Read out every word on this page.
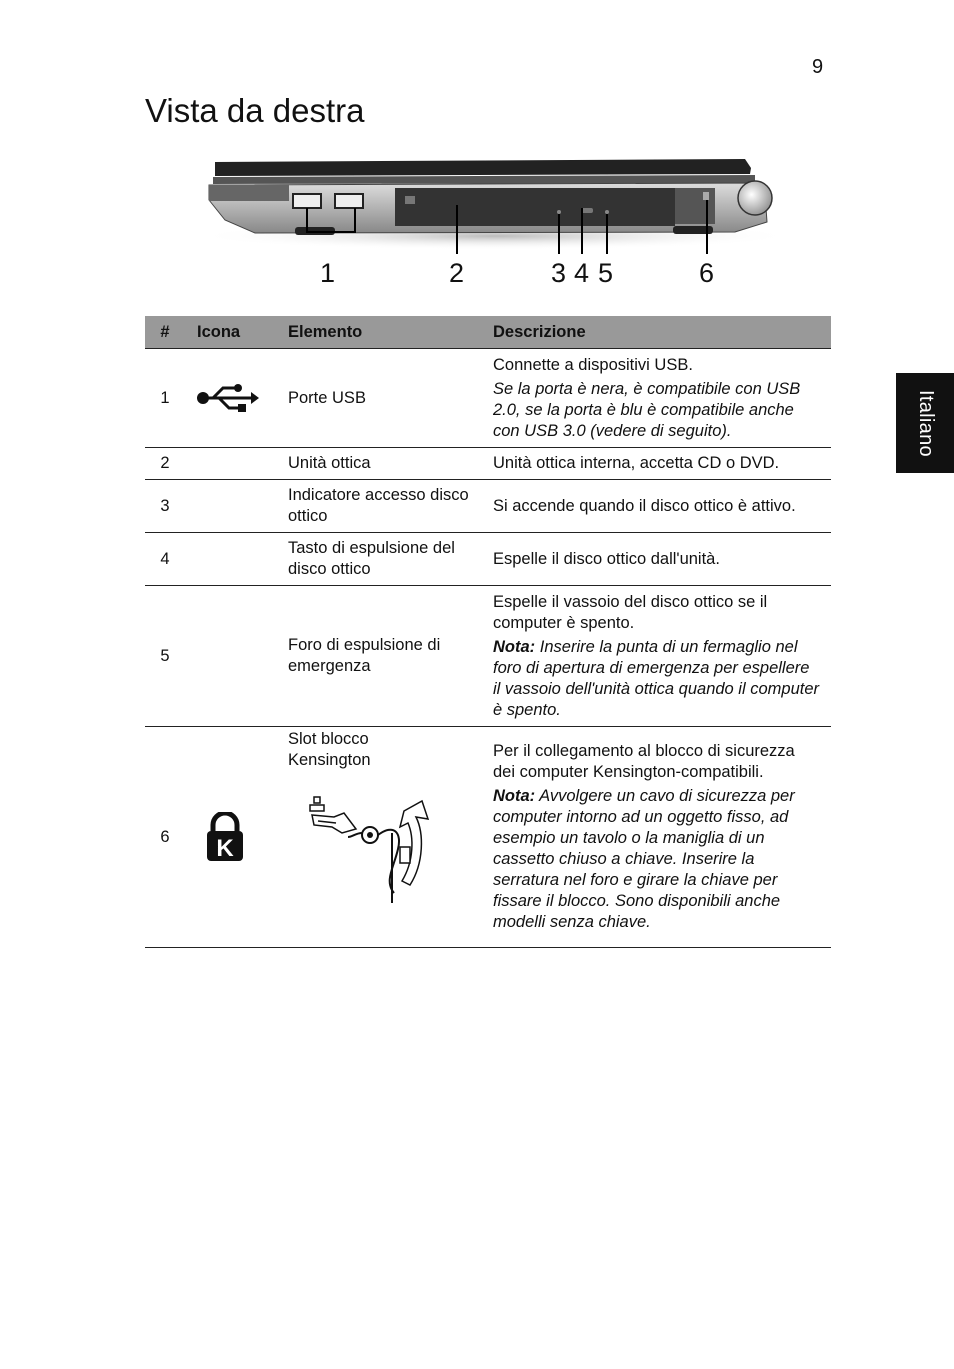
9
Vista da destra
Italiano
1	2	3 4 5	6
#	Icona	Elemento	Descrizione
1		Porte USB	Connette a dispositivi USB.

Se la porta è nera, è compatibile con USB 2.0, se la porta è blu è compatibile anche con USB 3.0 (vedere di seguito).

2		Unità ottica	Unità ottica interna, accetta CD o DVD.
3		Indicatore accesso disco ottico	Si accende quando il disco ottico è attivo.
4		Tasto di espulsione del disco ottico	Espelle il disco ottico dall'unità.
5		Foro di espulsione di emergenza	Espelle il vassoio del disco ottico se il computer è spento.

Nota: Inserire la punta di un fermaglio nel foro di apertura di emergenza per espellere il vassoio dell'unità ottica quando il computer è spento.

6	K	Slot blocco Kensington	Per il collegamento al blocco di sicurezza dei computer Kensington-compatibili.

Nota: Avvolgere un cavo di sicurezza per computer intorno ad un oggetto fisso, ad esempio un tavolo o la maniglia di un cassetto chiuso a chiave. Inserire la serratura nel foro e girare la chiave per fissare il blocco. Sono disponibili anche modelli senza chiave.
